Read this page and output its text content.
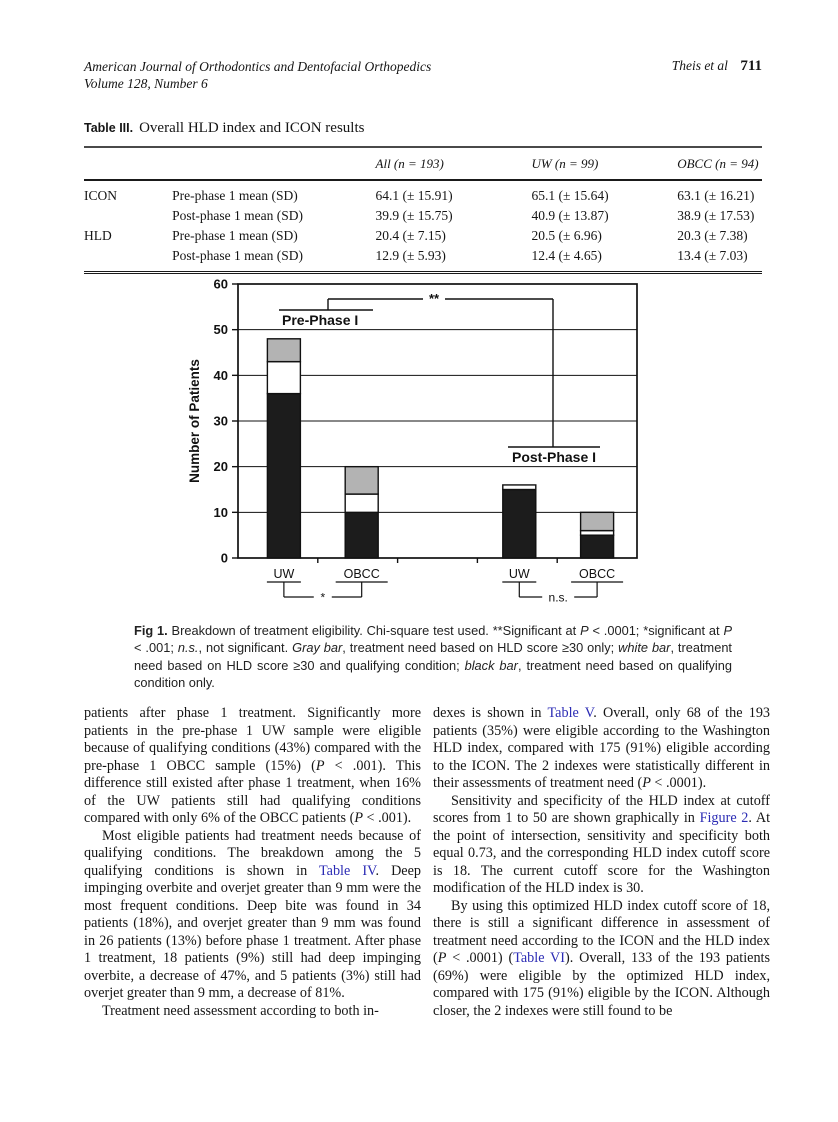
American Journal of Orthodontics and Dentofacial Orthopedics
Volume 128, Number 6
Theis et al 711
Table III. Overall HLD index and ICON results
		All (n = 193)	UW (n = 99)	OBCC (n = 94)
ICON	Pre-phase 1 mean (SD)	64.1 (± 15.91)	65.1 (± 15.64)	63.1 (± 16.21)
	Post-phase 1 mean (SD)	39.9 (± 15.75)	40.9 (± 13.87)	38.9 (± 17.53)
HLD	Pre-phase 1 mean (SD)	20.4 (± 7.15)	20.5 (± 6.96)	20.3 (± 7.38)
	Post-phase 1 mean (SD)	12.9 (± 5.93)	12.4 (± 4.65)	13.4 (± 7.03)
**
Pre-Phase I
Post-Phase I
0
10
20
30
40
50
60
Number of Patients
UW	OBCC	UW	OBCC
*	n.s.
Fig 1. Breakdown of treatment eligibility. Chi-square test used. **Significant at P < .0001; *significant at P < .001; n.s., not significant. Gray bar, treatment need based on HLD score ≥30 only; white bar, treatment need based on HLD score ≥30 and qualifying condition; black bar, treatment need based on qualifying condition only.

patients after phase 1 treatment. Significantly more patients in the pre-phase 1 UW sample were eligible because of qualifying conditions (43%) compared with the pre-phase 1 OBCC sample (15%) (P < .001). This difference still existed after phase 1 treatment, when 16% of the UW patients still had qualifying conditions compared with only 6% of the OBCC patients (P < .001).

Most eligible patients had treatment needs because of qualifying conditions. The breakdown among the 5 qualifying conditions is shown in Table IV. Deep impinging overbite and overjet greater than 9 mm were the most frequent conditions. Deep bite was found in 34 patients (18%), and overjet greater than 9 mm was found in 26 patients (13%) before phase 1 treatment. After phase 1 treatment, 18 patients (9%) still had deep impinging overbite, a decrease of 47%, and 5 patients (3%) still had overjet greater than 9 mm, a decrease of 81%.

Treatment need assessment according to both in-

dexes is shown in Table V. Overall, only 68 of the 193 patients (35%) were eligible according to the Washington HLD index, compared with 175 (91%) eligible according to the ICON. The 2 indexes were statistically different in their assessments of treatment need (P < .0001).

Sensitivity and specificity of the HLD index at cutoff scores from 1 to 50 are shown graphically in Figure 2. At the point of intersection, sensitivity and specificity both equal 0.73, and the corresponding HLD index cutoff score is 18. The current cutoff score for the Washington modification of the HLD index is 30.

By using this optimized HLD index cutoff score of 18, there is still a significant difference in assessment of treatment need according to the ICON and the HLD index (P < .0001) (Table VI). Overall, 133 of the 193 patients (69%) were eligible by the optimized HLD index, compared with 175 (91%) eligible by the ICON. Although closer, the 2 indexes were still found to be
